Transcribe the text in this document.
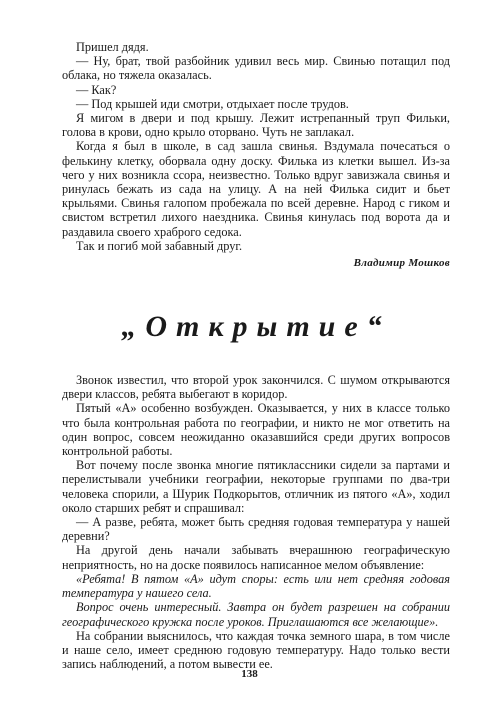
Пришел дядя.

— Ну, брат, твой разбойник удивил весь мир. Свинью потащил под облака, но тяжела оказалась.

— Как?

— Под крышей иди смотри, отдыхает после трудов.

Я мигом в двери и под крышу. Лежит истрепанный труп Фильки, голова в крови, одно крыло оторвано. Чуть не заплакал.

Когда я был в школе, в сад зашла свинья. Вздумала почесаться о фелькину клетку, оборвала одну доску. Филька из клетки вышел. Из-за чего у них возникла ссора, неизвестно. Только вдруг завизжала свинья и ринулась бежать из сада на улицу. А на ней Филька сидит и бьет крыльями. Свинья галопом пробежала по всей деревне. Народ с гиком и свистом встретил лихого наездника. Свинья кинулась под ворота да и раздавила своего храброго седока.

Так и погиб мой забавный друг.

Владимир Мошков

„Открытие“

Звонок известил, что второй урок закончился. С шумом открываются двери классов, ребята выбегают в коридор.

Пятый «А» особенно возбужден. Оказывается, у них в классе только что была контрольная работа по географии, и никто не мог ответить на один вопрос, совсем неожиданно оказавшийся среди других вопросов контрольной работы.

Вот почему после звонка многие пятиклассники сидели за партами и перелистывали учебники географии, некоторые группами по два-три человека спорили, а Шурик Подкорытов, отличник из пятого «А», ходил около старших ребят и спрашивал:

— А разве, ребята, может быть средняя годовая температура у нашей деревни?

На другой день начали забывать вчерашнюю географическую неприятность, но на доске появилось написанное мелом объявление:

«Ребята! В пятом «А» идут споры: есть или нет средняя годовая температура у нашего села.

Вопрос очень интересный. Завтра он будет разрешен на собрании географического кружка после уроков. Приглашаются все желающие».

На собрании выяснилось, что каждая точка земного шара, в том числе и наше село, имеет среднюю годовую температуру. Надо только вести запись наблюдений, а потом вывести ее.

138
